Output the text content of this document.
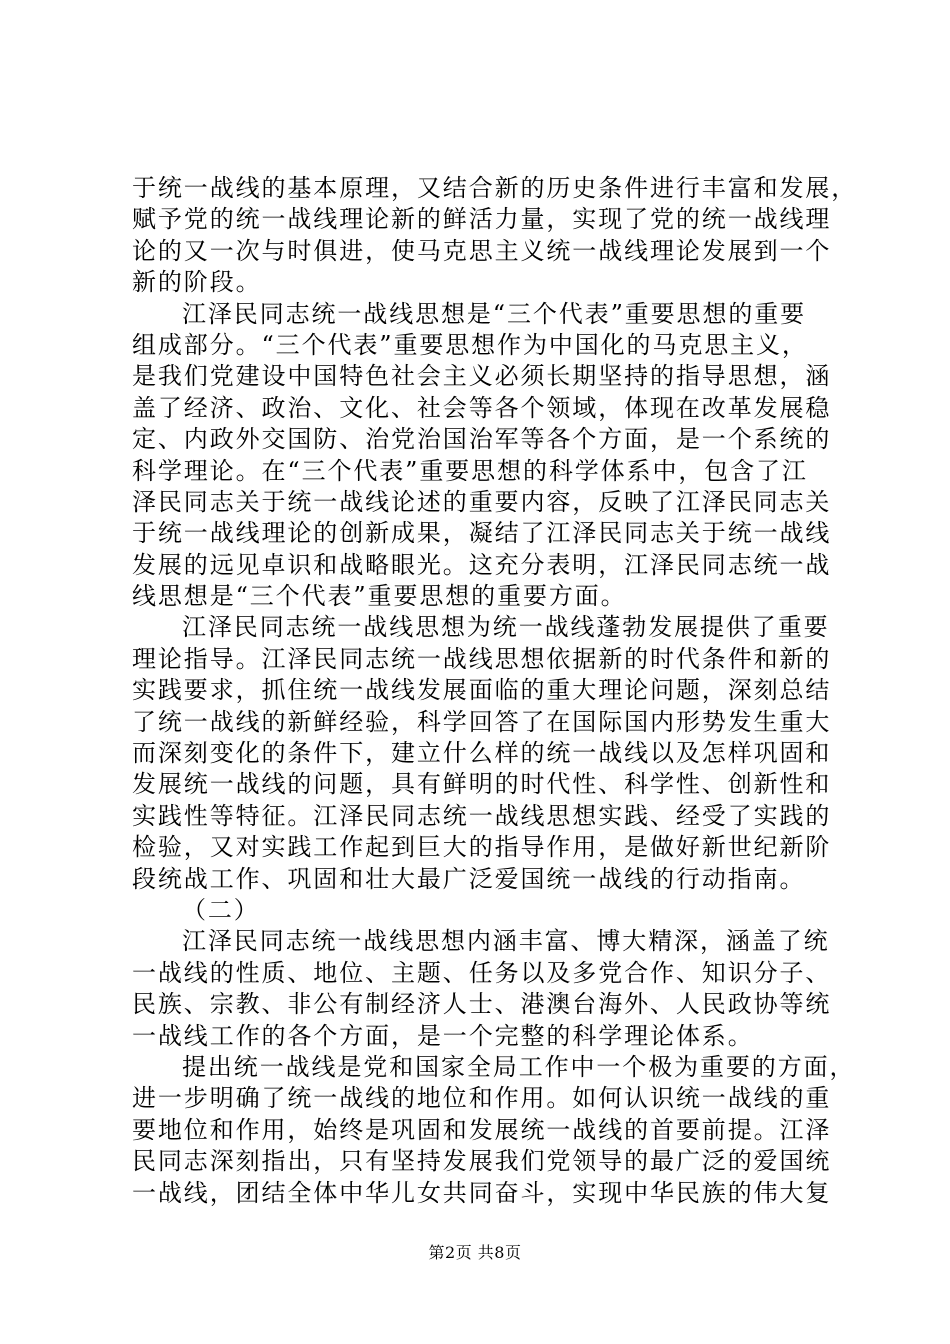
于统一战线的基本原理，又结合新的历史条件进行丰富和发展，
赋予党的统一战线理论新的鲜活力量，实现了党的统一战线理
论的又一次与时俱进，使马克思主义统一战线理论发展到一个
新的阶段。
江泽民同志统一战线思想是“三个代表”重要思想的重要
组成部分。“三个代表”重要思想作为中国化的马克思主义，
是我们党建设中国特色社会主义必须长期坚持的指导思想，涵
盖了经济、政治、文化、社会等各个领域，体现在改革发展稳
定、内政外交国防、治党治国治军等各个方面，是一个系统的
科学理论。在“三个代表”重要思想的科学体系中，包含了江
泽民同志关于统一战线论述的重要内容，反映了江泽民同志关
于统一战线理论的创新成果，凝结了江泽民同志关于统一战线
发展的远见卓识和战略眼光。这充分表明，江泽民同志统一战
线思想是“三个代表”重要思想的重要方面。
江泽民同志统一战线思想为统一战线蓬勃发展提供了重要
理论指导。江泽民同志统一战线思想依据新的时代条件和新的
实践要求，抓住统一战线发展面临的重大理论问题，深刻总结
了统一战线的新鲜经验，科学回答了在国际国内形势发生重大
而深刻变化的条件下，建立什么样的统一战线以及怎样巩固和
发展统一战线的问题，具有鲜明的时代性、科学性、创新性和
实践性等特征。江泽民同志统一战线思想实践、经受了实践的
检验，又对实践工作起到巨大的指导作用，是做好新世纪新阶
段统战工作、巩固和壮大最广泛爱国统一战线的行动指南。
（二）
江泽民同志统一战线思想内涵丰富、博大精深，涵盖了统
一战线的性质、地位、主题、任务以及多党合作、知识分子、
民族、宗教、非公有制经济人士、港澳台海外、人民政协等统
一战线工作的各个方面，是一个完整的科学理论体系。
提出统一战线是党和国家全局工作中一个极为重要的方面，
进一步明确了统一战线的地位和作用。如何认识统一战线的重
要地位和作用，始终是巩固和发展统一战线的首要前提。江泽
民同志深刻指出，只有坚持发展我们党领导的最广泛的爱国统
一战线，团结全体中华儿女共同奋斗，实现中华民族的伟大复
第2页 共8页
